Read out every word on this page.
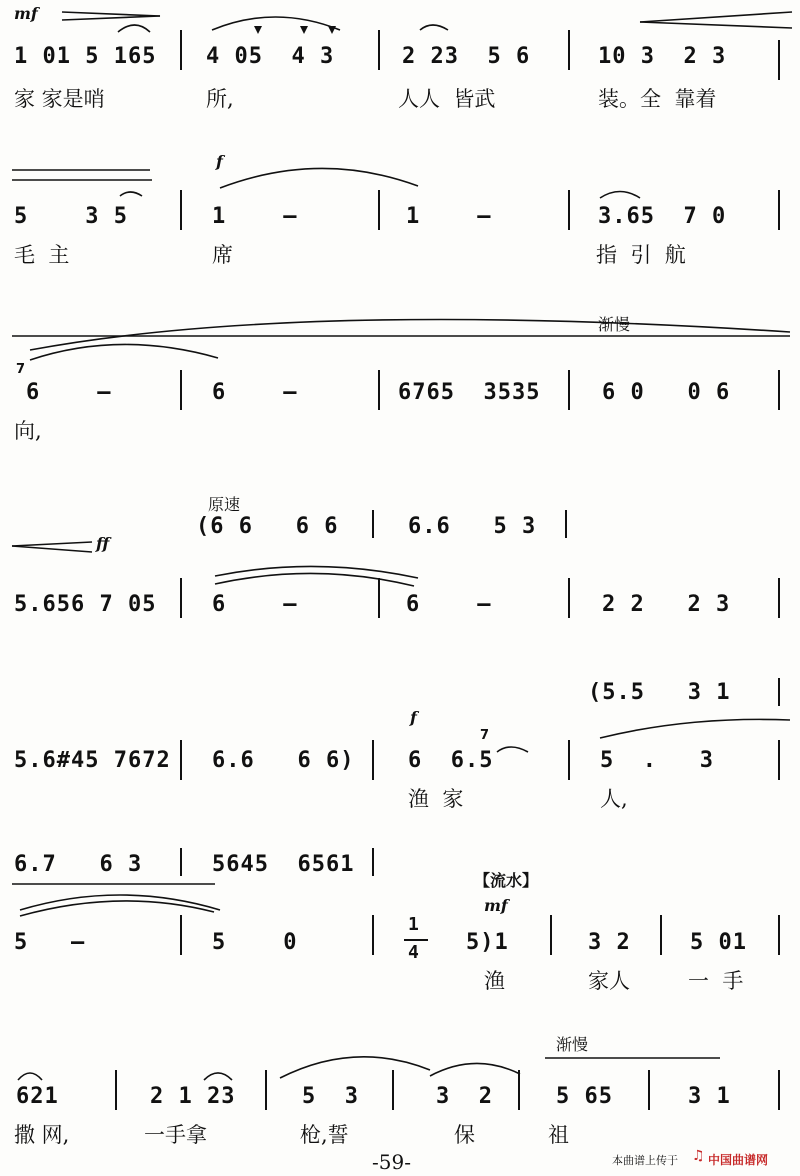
mf
f
ff
f
mf
渐慢
原速
【流水】
渐慢
1 01 5 165 4 05  4 3	2 23  5 6	10 3  2 3
家 家是哨	所,	人人  皆武	装。全  靠着
5    3 5	1    –	1    –	3.65  7 0
毛  主	席	指  引  航
7
6    –	6    –	6765  3535	6 0   0 6
向,
(6 6   6 6	6.6   5 3
5.656 7 05	6    –	6    –	2 2   2 3
(5.5   3 1
5.6#45 7672 6.6   6 6)
7
6  6.5	5  .   3
渔  家	人,
6.7   6 3	5645  6561
5   –	5    0
1
4 5)1	3 2	5 01
渔	家人	一  手
621	2 1 23	5  3	3  2	5 65	3 1
撒 网,	一手拿	枪,誓	保	祖
-59-	本曲谱上传于 ♫ 中国曲谱网
